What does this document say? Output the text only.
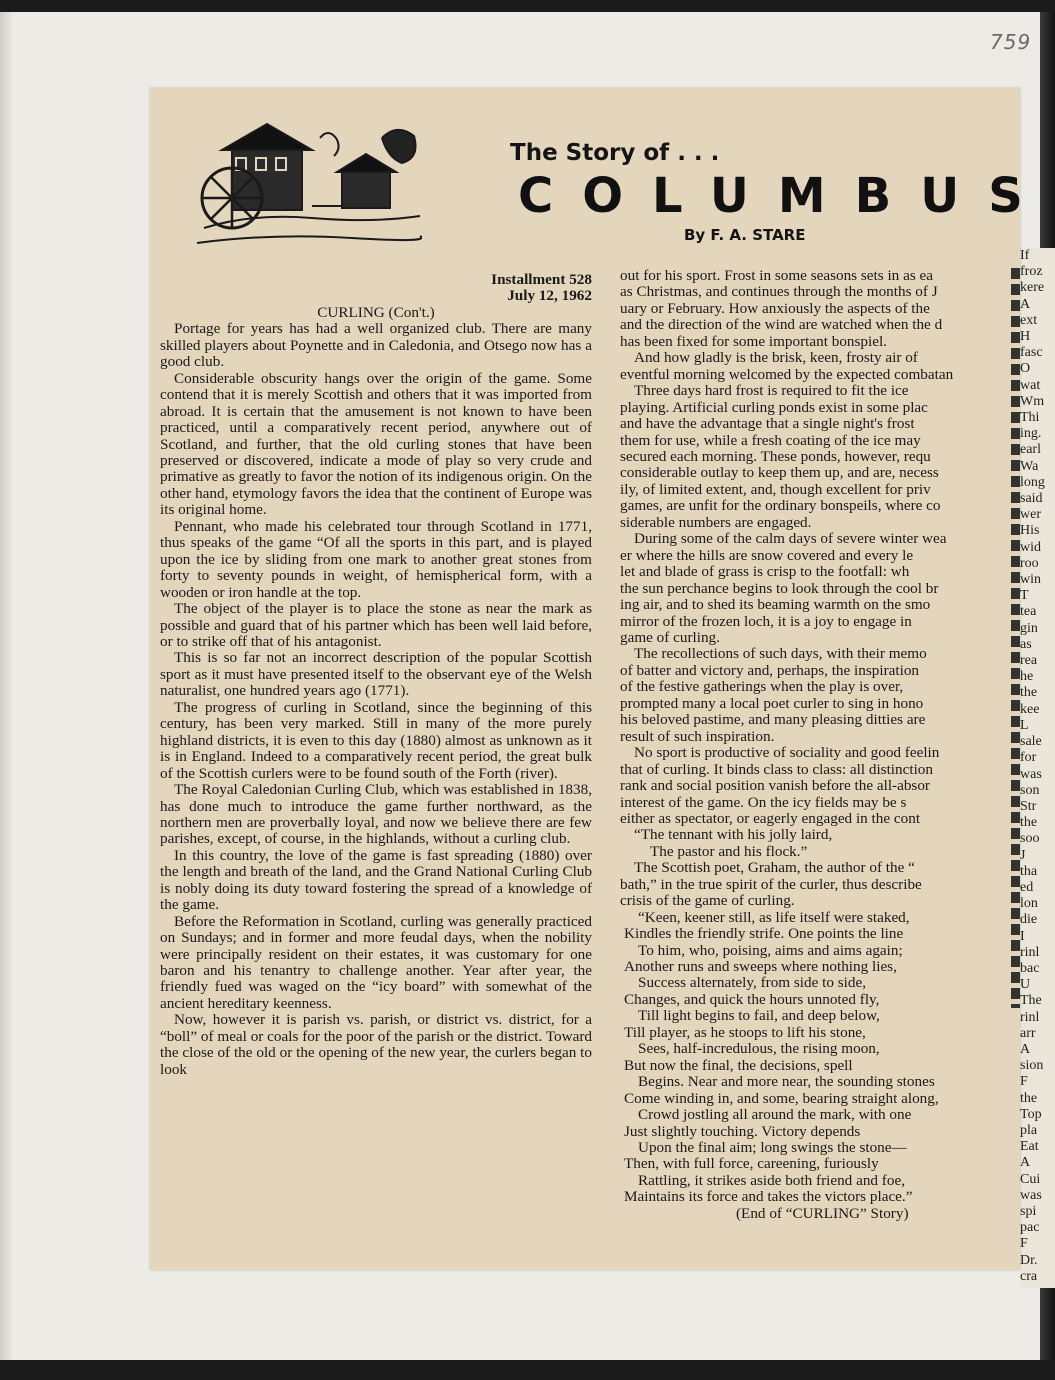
759
If
froz
kere
A
ext
H
fasc
O
wat
Wm
Thi
ing.
earl
Wa
long
said
wer
His
wid
roo
win
T
tea
gin
as
rea
he
the
kee
L
sale
for
was
son
Str
the
soo
J
tha
ed
lon
die
I
rinl
bac
U
The
rinl
arr
A
sion
F
the
Top
pla
Eat
A
Cui
was
spi
pac
F
Dr.
cra
The Story of . . .
COLUMBUS
By F. A. STARE

Installment 528

July 12, 1962

CURLING (Con't.)

Portage for years has had a well organized club. There are many skilled players about Poynette and in Caledonia, and Otsego now has a good club.

Considerable obscurity hangs over the origin of the game. Some contend that it is merely Scottish and others that it was imported from abroad. It is certain that the amusement is not known to have been practiced, until a comparatively recent period, anywhere out of Scotland, and further, that the old curling stones that have been preserved or discovered, indicate a mode of play so very crude and primative as greatly to favor the notion of its indigenous origin. On the other hand, etymology favors the idea that the continent of Europe was its original home.

Pennant, who made his celebrated tour through Scotland in 1771, thus speaks of the game “Of all the sports in this part, and is played upon the ice by sliding from one mark to another great stones from forty to seventy pounds in weight, of hemispherical form, with a wooden or iron handle at the top.

The object of the player is to place the stone as near the mark as possible and guard that of his partner which has been well laid before, or to strike off that of his antagonist.

This is so far not an incorrect description of the popular Scottish sport as it must have presented itself to the observant eye of the Welsh naturalist, one hundred years ago (1771).

The progress of curling in Scotland, since the beginning of this century, has been very marked. Still in many of the more purely highland districts, it is even to this day (1880) almost as unknown as it is in England. Indeed to a comparatively recent period, the great bulk of the Scottish curlers were to be found south of the Forth (river).

The Royal Caledonian Curling Club, which was established in 1838, has done much to introduce the game further northward, as the northern men are proverbally loyal, and now we believe there are few parishes, except, of course, in the highlands, without a curling club.

In this country, the love of the game is fast spreading (1880) over the length and breath of the land, and the Grand National Curling Club is nobly doing its duty toward fostering the spread of a knowledge of the game.

Before the Reformation in Scotland, curling was generally practiced on Sundays; and in former and more feudal days, when the nobility were principally resident on their estates, it was customary for one baron and his tenantry to challenge another. Year after year, the friendly fued was waged on the “icy board” with somewhat of the ancient hereditary keenness.

Now, however it is parish vs. parish, or district vs. district, for a “boll” of meal or coals for the poor of the parish or the district. Toward the close of the old or the opening of the new year, the curlers began to look

out for his sport. Frost in some seasons sets in as ea

as Christmas, and continues through the months of J

uary or February. How anxiously the aspects of the

and the direction of the wind are watched when the d

has been fixed for some important bonspiel.

And how gladly is the brisk, keen, frosty air of

eventful morning welcomed by the expected combatan

Three days hard frost is required to fit the ice

playing. Artificial curling ponds exist in some plac

and have the advantage that a single night's frost

them for use, while a fresh coating of the ice may

secured each morning. These ponds, however, requ

considerable outlay to keep them up, and are, necess

ily, of limited extent, and, though excellent for priv

games, are unfit for the ordinary bonspeils, where co

siderable numbers are engaged.

During some of the calm days of severe winter wea

er where the hills are snow covered and every le

let and blade of grass is crisp to the footfall: wh

the sun perchance begins to look through the cool br

ing air, and to shed its beaming warmth on the smo

mirror of the frozen loch, it is a joy to engage in

game of curling.

The recollections of such days, with their memo

of batter and victory and, perhaps, the inspiration

of the festive gatherings when the play is over,

prompted many a local poet curler to sing in hono

his beloved pastime, and many pleasing ditties are

result of such inspiration.

No sport is productive of sociality and good feelin

that of curling. It binds class to class: all distinction

rank and social position vanish before the all-absor

interest of the game. On the icy fields may be s

either as spectator, or eagerly engaged in the cont

“The tennant with his jolly laird,

The pastor and his flock.”

The Scottish poet, Graham, the author of the “

bath,” in the true spirit of the curler, thus describe

crisis of the game of curling.

“Keen, keener still, as life itself were staked,

Kindles the friendly strife. One points the line

To him, who, poising, aims and aims again;

Another runs and sweeps where nothing lies,

Success alternately, from side to side,

Changes, and quick the hours unnoted fly,

Till light begins to fail, and deep below,

Till player, as he stoops to lift his stone,

Sees, half-incredulous, the rising moon,

But now the final, the decisions, spell

Begins. Near and more near, the sounding stones

Come winding in, and some, bearing straight along,

Crowd jostling all around the mark, with one

Just slightly touching. Victory depends

Upon the final aim; long swings the stone—

Then, with full force, careening, furiously

Rattling, it strikes aside both friend and foe,

Maintains its force and takes the victors place.”

(End of “CURLING” Story)
